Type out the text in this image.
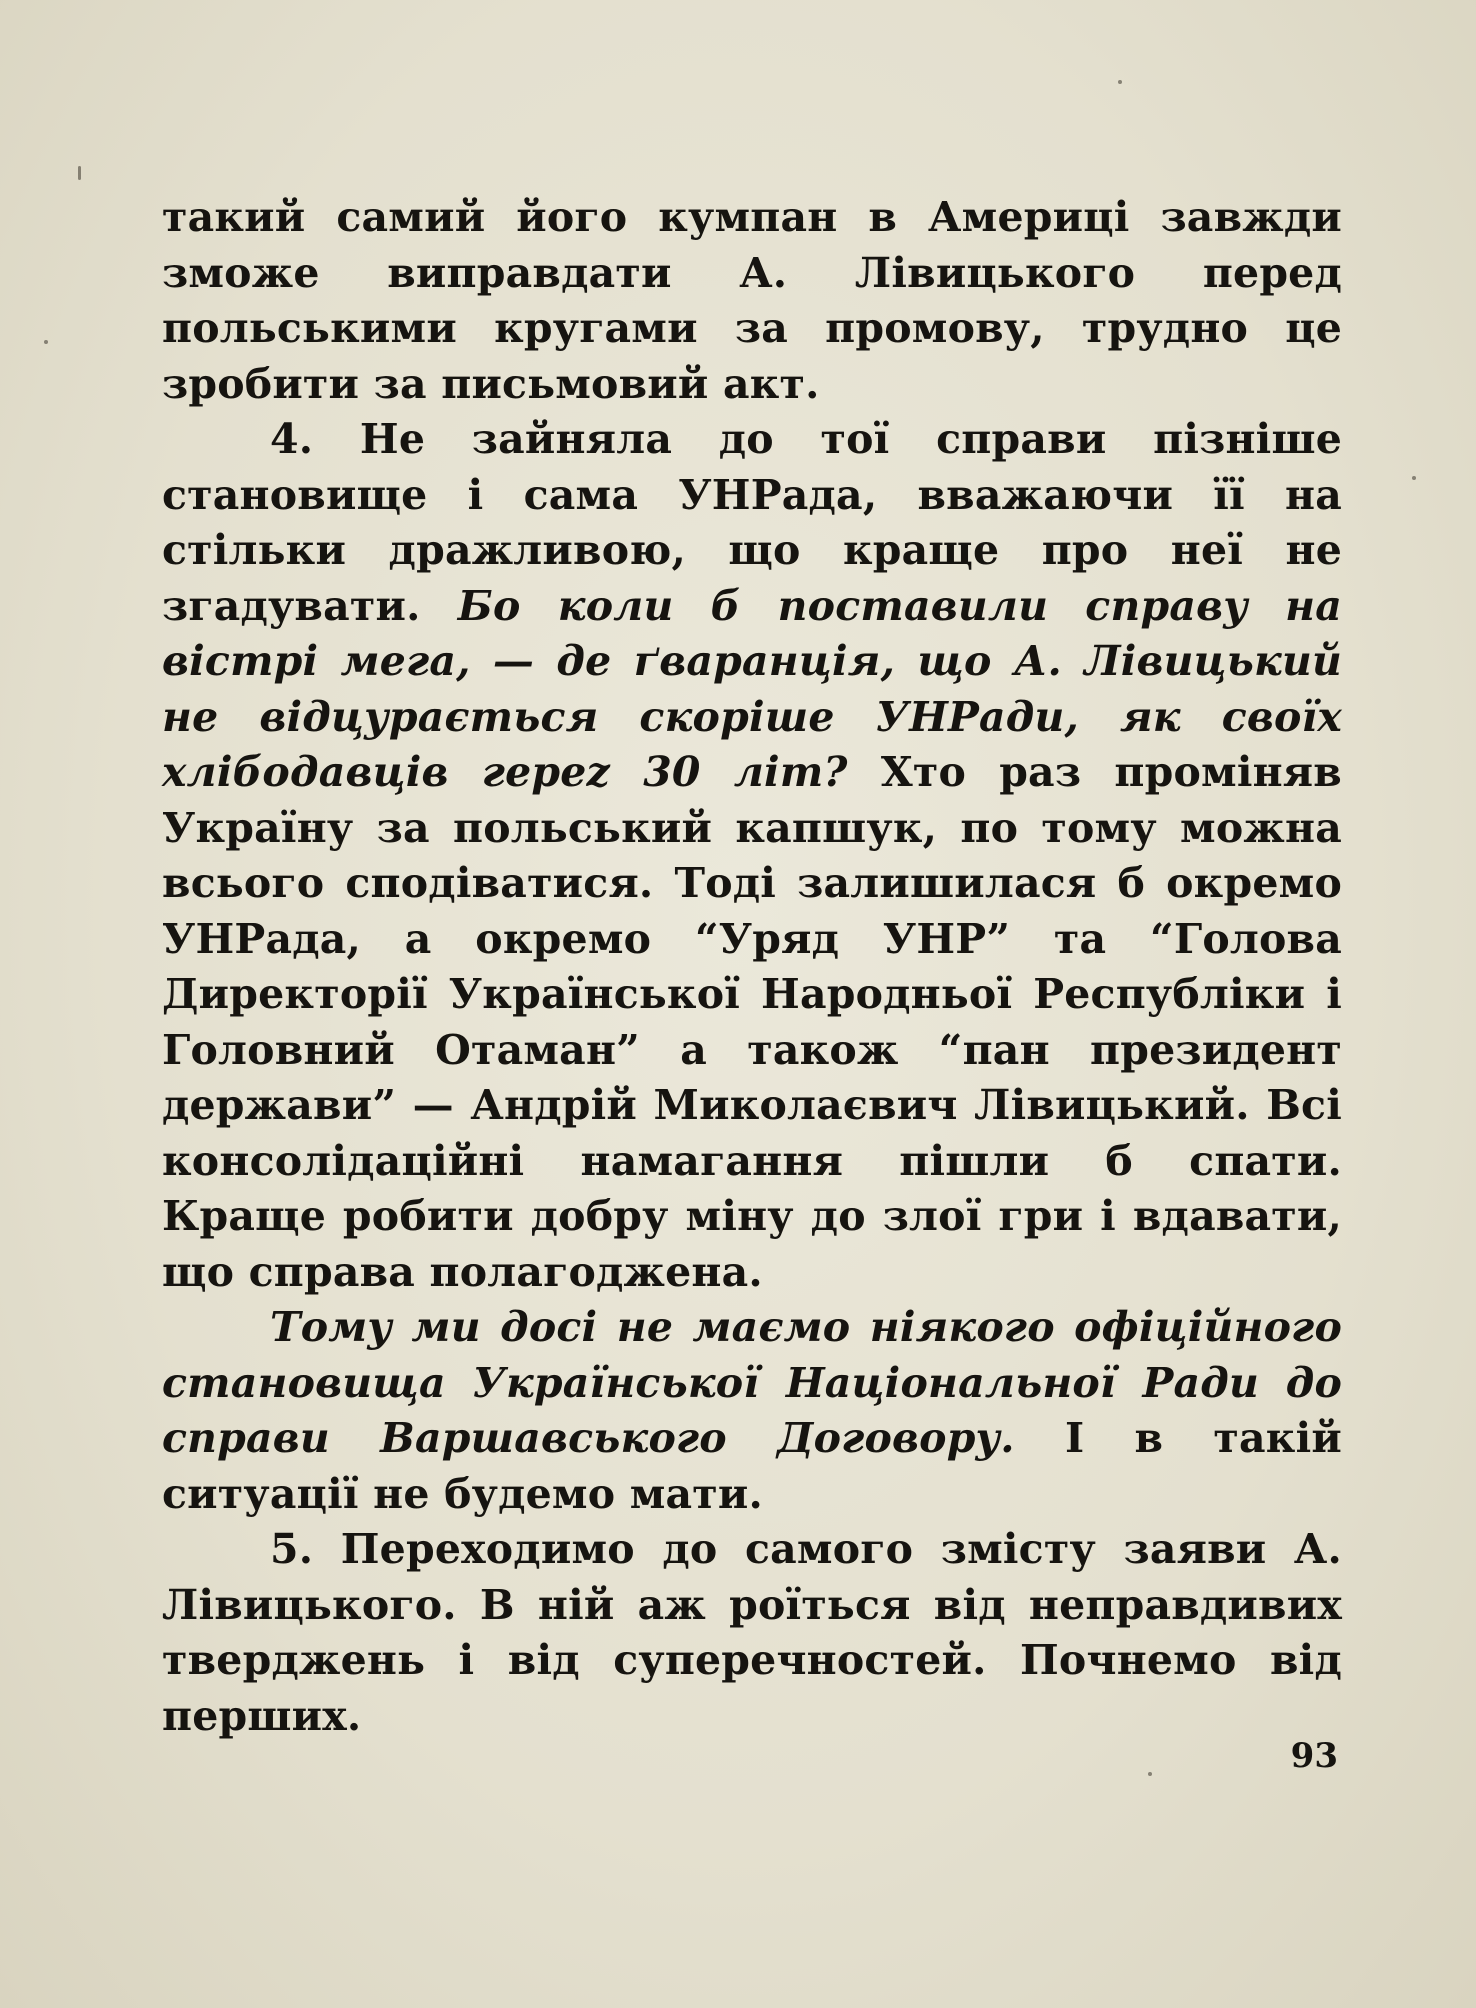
такий самий його кумпан в Америці завжди зможе виправдати А. Лівицького перед польськими кругами за промову, трудно це зробити за письмовий акт.

4. Не зайняла до тої справи пізніше становище і сама УНРада, вважаючи її на стільки дражливою, що краще про неї не згадувати. Бо коли б поставили справу на вістрі мега, — де ґваранція, що А. Лівицький не відцурається скоріше УНРади, як своїх хлібодавців гереz 30 літ? Хто раз проміняв Україну за польський капшук, по тому можна всього сподіватися. Тоді залишилася б окремо УНРада, а окремо “Уряд УНР” та “Голова Директорії Української Народньої Республіки і Головний Отаман” а також “пан президент держави” — Андрій Миколаєвич Лівицький. Всі консолідаційні намагання пішли б спати. Краще робити добру міну до злої гри і вдавати, що справа полагоджена.

Тому ми досі не маємо ніякого офіційного становища Української Національної Ради до справи Варшавського Договору. І в такій ситуації не будемо мати.

5. Переходимо до самого змісту заяви А. Лівицького. В ній аж роїться від неправдивих тверджень і від суперечностей. Почнемо від перших.

93
